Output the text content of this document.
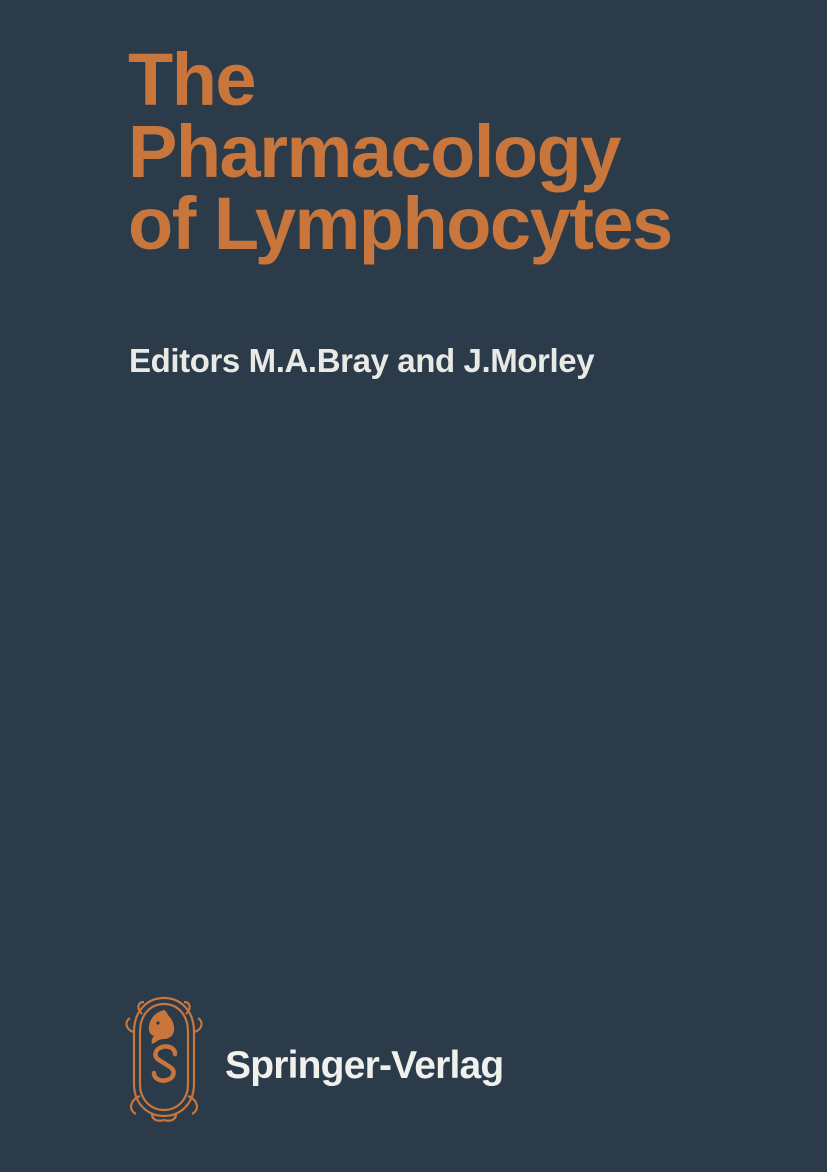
The
Pharmacology
of Lymphocytes
Editors M.A.Bray and J.Morley
Springer-Verlag
